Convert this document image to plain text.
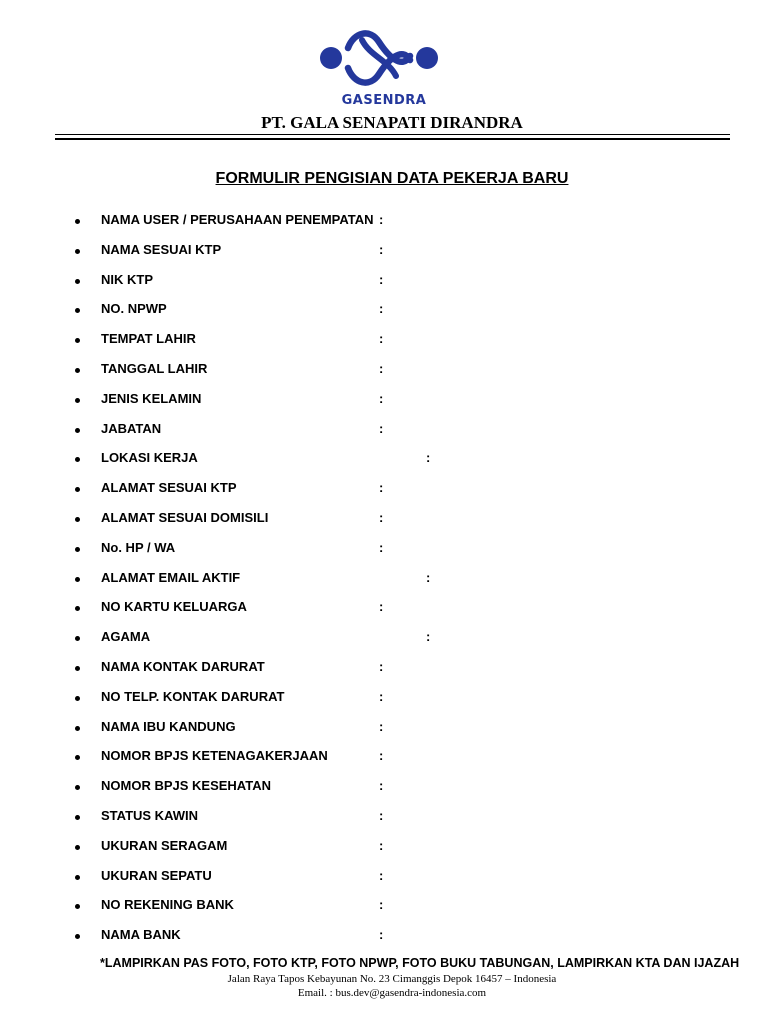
GASENDRA
PT. GALA SENAPATI DIRANDRA
FORMULIR PENGISIAN DATA PEKERJA BARU
NAMA USER / PERUSAHAAN PENEMPATAN :
NAMA SESUAI KTP	:
NIK KTP	:
NO. NPWP	:
TEMPAT LAHIR	:
TANGGAL LAHIR	:
JENIS KELAMIN	:
JABATAN	:
LOKASI KERJA	:
ALAMAT SESUAI KTP	:
ALAMAT SESUAI DOMISILI	:
No. HP / WA	:
ALAMAT EMAIL AKTIF	:
NO KARTU KELUARGA	:
AGAMA	:
NAMA KONTAK DARURAT	:
NO TELP. KONTAK DARURAT	:
NAMA IBU KANDUNG	:
NOMOR BPJS KETENAGAKERJAAN	:
NOMOR BPJS KESEHATAN	:
STATUS KAWIN	:
UKURAN SERAGAM	:
UKURAN SEPATU	:
NO REKENING BANK	:
NAMA BANK	:
*LAMPIRKAN PAS FOTO, FOTO KTP, FOTO NPWP, FOTO BUKU TABUNGAN, LAMPIRKAN KTA DAN IJAZAH
Jalan Raya Tapos Kebayunan No. 23 Cimanggis Depok 16457 – Indonesia
Email. : bus.dev@gasendra-indonesia.com
